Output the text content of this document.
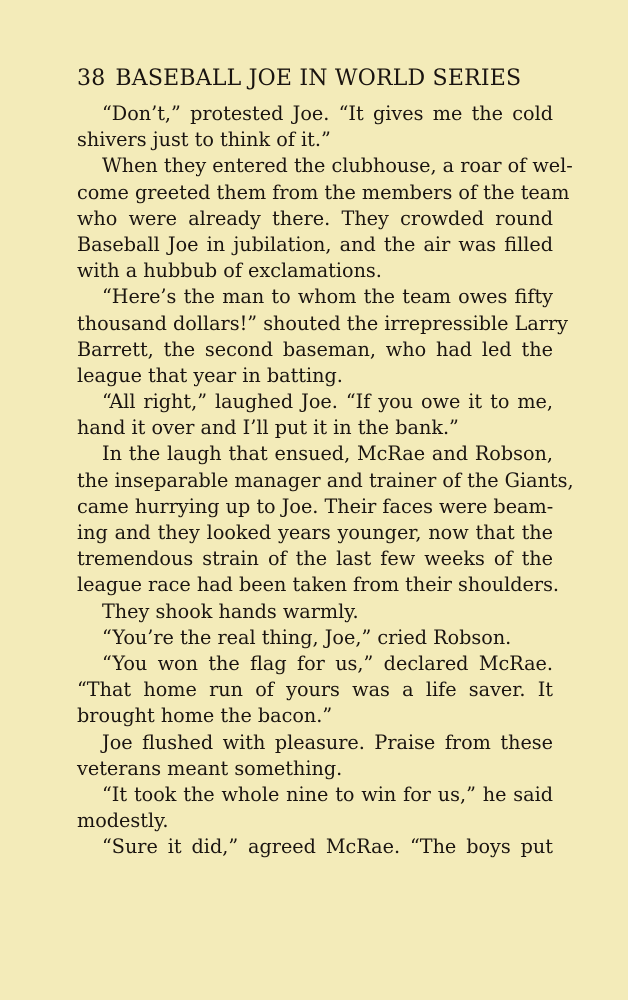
38 BASEBALL JOE IN WORLD SERIES
“Don’t,” protested Joe. “It gives me the cold
shivers just to think of it.”
When they entered the clubhouse, a roar of wel-
come greeted them from the members of the team
who were already there. They crowded round
Baseball Joe in jubilation, and the air was filled
with a hubbub of exclamations.
“Here’s the man to whom the team owes fifty
thousand dollars!” shouted the irrepressible Larry
Barrett, the second baseman, who had led the
league that year in batting.
“All right,” laughed Joe. “If you owe it to me,
hand it over and I’ll put it in the bank.”
In the laugh that ensued, McRae and Robson,
the inseparable manager and trainer of the Giants,
came hurrying up to Joe. Their faces were beam-
ing and they looked years younger, now that the
tremendous strain of the last few weeks of the
league race had been taken from their shoulders.
They shook hands warmly.
“You’re the real thing, Joe,” cried Robson.
“You won the flag for us,” declared McRae.
“That home run of yours was a life saver. It
brought home the bacon.”
Joe flushed with pleasure. Praise from these
veterans meant something.
“It took the whole nine to win for us,” he said
modestly.
“Sure it did,” agreed McRae. “The boys put
